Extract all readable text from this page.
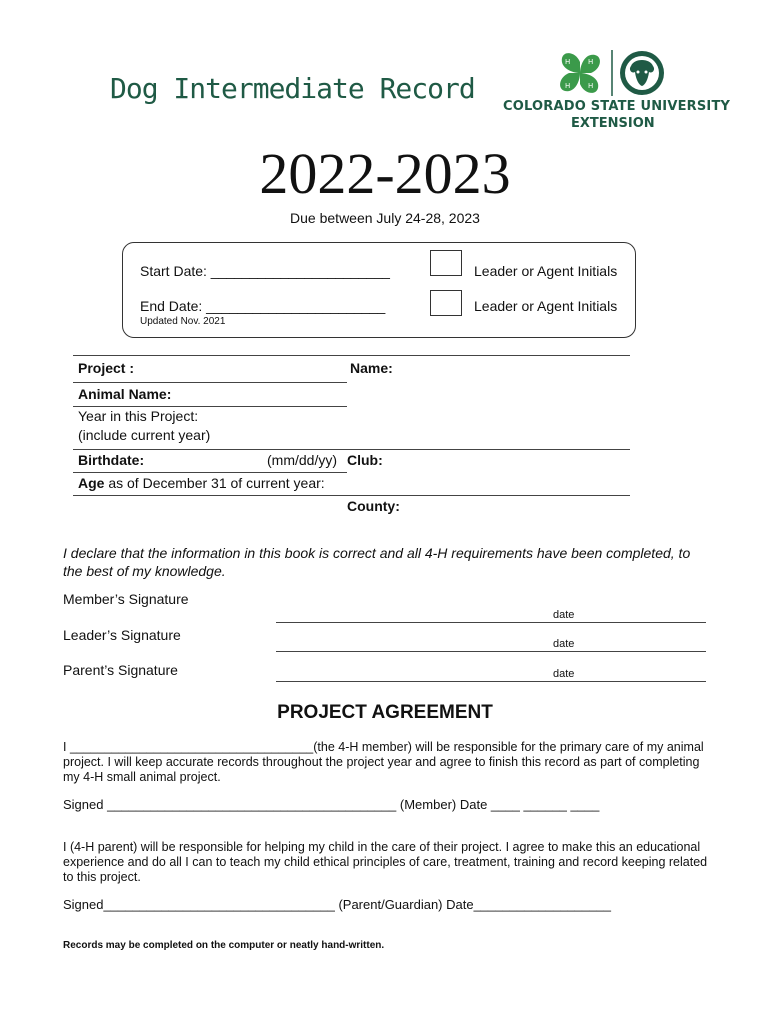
Dog Intermediate Record
H	H
H	H
COLORADO STATE UNIVERSITY
EXTENSION
2022-2023
Due between July 24-28, 2023
Start Date: _______________________	Leader or Agent Initials
End Date: _______________________	Leader or Agent Initials
Updated Nov. 2021
Project :	Name:
Animal Name:
Year in this Project:
(include current year)
Birthdate:	(mm/dd/yy) Club:
Age as of December 31 of current year:
County:
I declare that the information in this book is correct and all 4-H requirements have been completed, to the best of my knowledge.
Member’s Signature
date
Leader’s Signature
date
Parent’s Signature	date
PROJECT AGREEMENT
I ___________________________________(the 4-H member) will be responsible for the primary care of my animal project. I will keep accurate records throughout the project year and agree to finish this record as part of completing my 4-H small animal project.
Signed ________________________________________ (Member) Date ____ ______ ____
I (4-H parent) will be responsible for helping my child in the care of their project. I agree to make this an educational experience and do all I can to teach my child ethical principles of care, treatment, training and record keeping related to this project.
Signed________________________________ (Parent/Guardian) Date___________________
Records may be completed on the computer or neatly hand-written.
